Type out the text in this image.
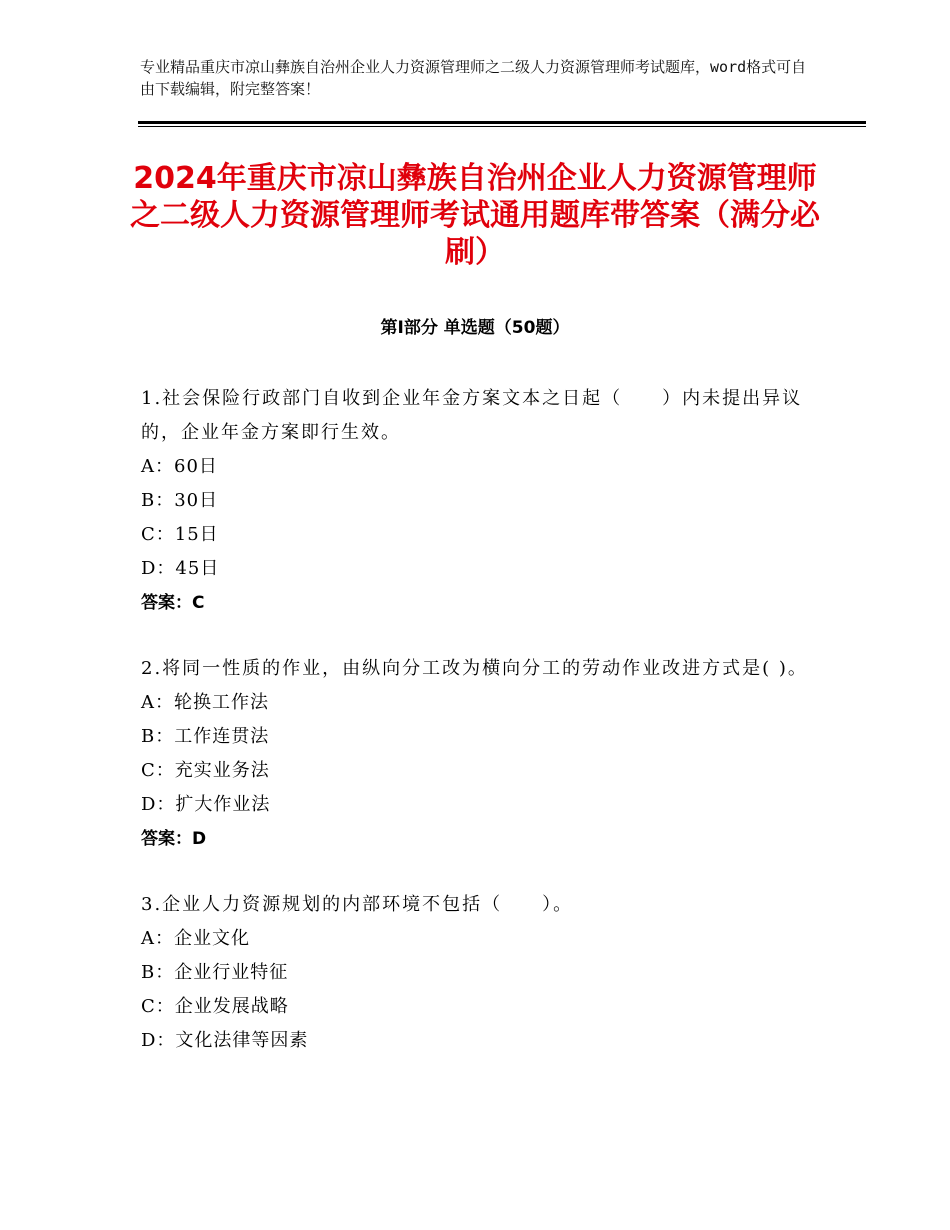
专业精品重庆市凉山彝族自治州企业人力资源管理师之二级人力资源管理师考试题库，word格式可自由下载编辑，附完整答案！
2024年重庆市凉山彝族自治州企业人力资源管理师之二级人力资源管理师考试通用题库带答案（满分必刷）
第Ⅰ部分 单选题（50题）
1.社会保险行政部门自收到企业年金方案文本之日起（　　）内未提出异议的，企业年金方案即行生效。
A：60日
B：30日
C：15日
D：45日
答案：C
2.将同一性质的作业，由纵向分工改为横向分工的劳动作业改进方式是( )。
A：轮换工作法
B：工作连贯法
C：充实业务法
D：扩大作业法
答案：D
3.企业人力资源规划的内部环境不包括（　　）。
A：企业文化
B：企业行业特征
C：企业发展战略
D：文化法律等因素
